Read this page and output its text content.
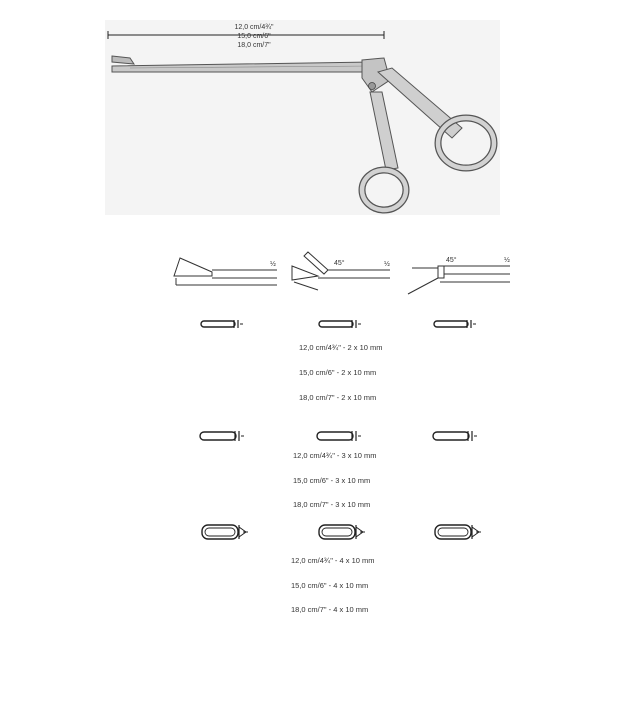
12,0 cm/4¾"
15,0 cm/6"
18,0 cm/7"
½	45°	½
45°	½
12,0 cm/4¾" - 2 x 10 mm
15,0 cm/6" - 2 x 10 mm
18,0 cm/7" - 2 x 10 mm
12,0 cm/4¾" - 3 x 10 mm
15,0 cm/6" - 3 x 10 mm
18,0 cm/7" - 3 x 10 mm
12,0 cm/4¾" - 4 x 10 mm
15,0 cm/6" - 4 x 10 mm
18,0 cm/7" - 4 x 10 mm
